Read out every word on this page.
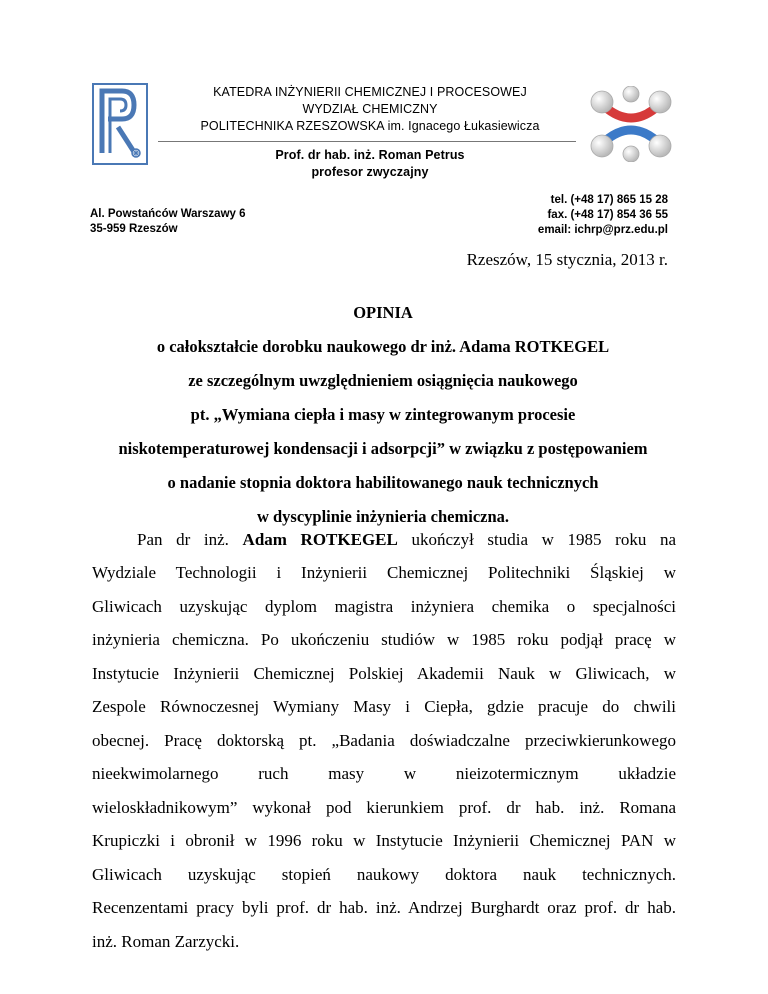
KATEDRA INŻYNIERII CHEMICZNEJ I PROCESOWEJ
WYDZIAŁ CHEMICZNY
POLITECHNIKA RZESZOWSKA im. Ignacego Łukasiewicza
Prof. dr hab. inż. Roman Petrus
profesor zwyczajny
Al. Powstańców Warszawy 6
35-959 Rzeszów
tel. (+48 17) 865 15 28
fax. (+48 17) 854 36 55
email: ichrp@prz.edu.pl
Rzeszów, 15 stycznia, 2013 r.
OPINIA
o całokształcie dorobku naukowego dr inż. Adama ROTKEGEL
ze szczególnym uwzględnieniem osiągnięcia naukowego
pt. „Wymiana ciepła i masy w zintegrowanym procesie
niskotemperaturowej kondensacji i adsorpcji” w związku z postępowaniem
o nadanie stopnia doktora habilitowanego nauk technicznych
w dyscyplinie inżynieria chemiczna.
Pan dr inż. Adam ROTKEGEL ukończył studia w 1985 roku na
Wydziale Technologii i Inżynierii Chemicznej Politechniki Śląskiej w
Gliwicach uzyskując dyplom magistra inżyniera chemika o specjalności
inżynieria chemiczna. Po ukończeniu studiów w 1985 roku podjął pracę w
Instytucie Inżynierii Chemicznej Polskiej Akademii Nauk w Gliwicach, w
Zespole Równoczesnej Wymiany Masy i Ciepła, gdzie pracuje do chwili
obecnej. Pracę doktorską pt. „Badania doświadczalne przeciwkierunkowego
nieekwimolarnego ruch masy w nieizotermicznym układzie
wieloskładnikowym” wykonał pod kierunkiem prof. dr hab. inż. Romana
Krupiczki i obronił w 1996 roku w Instytucie Inżynierii Chemicznej PAN w
Gliwicach uzyskując stopień naukowy doktora nauk technicznych.
Recenzentami pracy byli prof. dr hab. inż. Andrzej Burghardt oraz prof. dr hab.
inż. Roman Zarzycki.
